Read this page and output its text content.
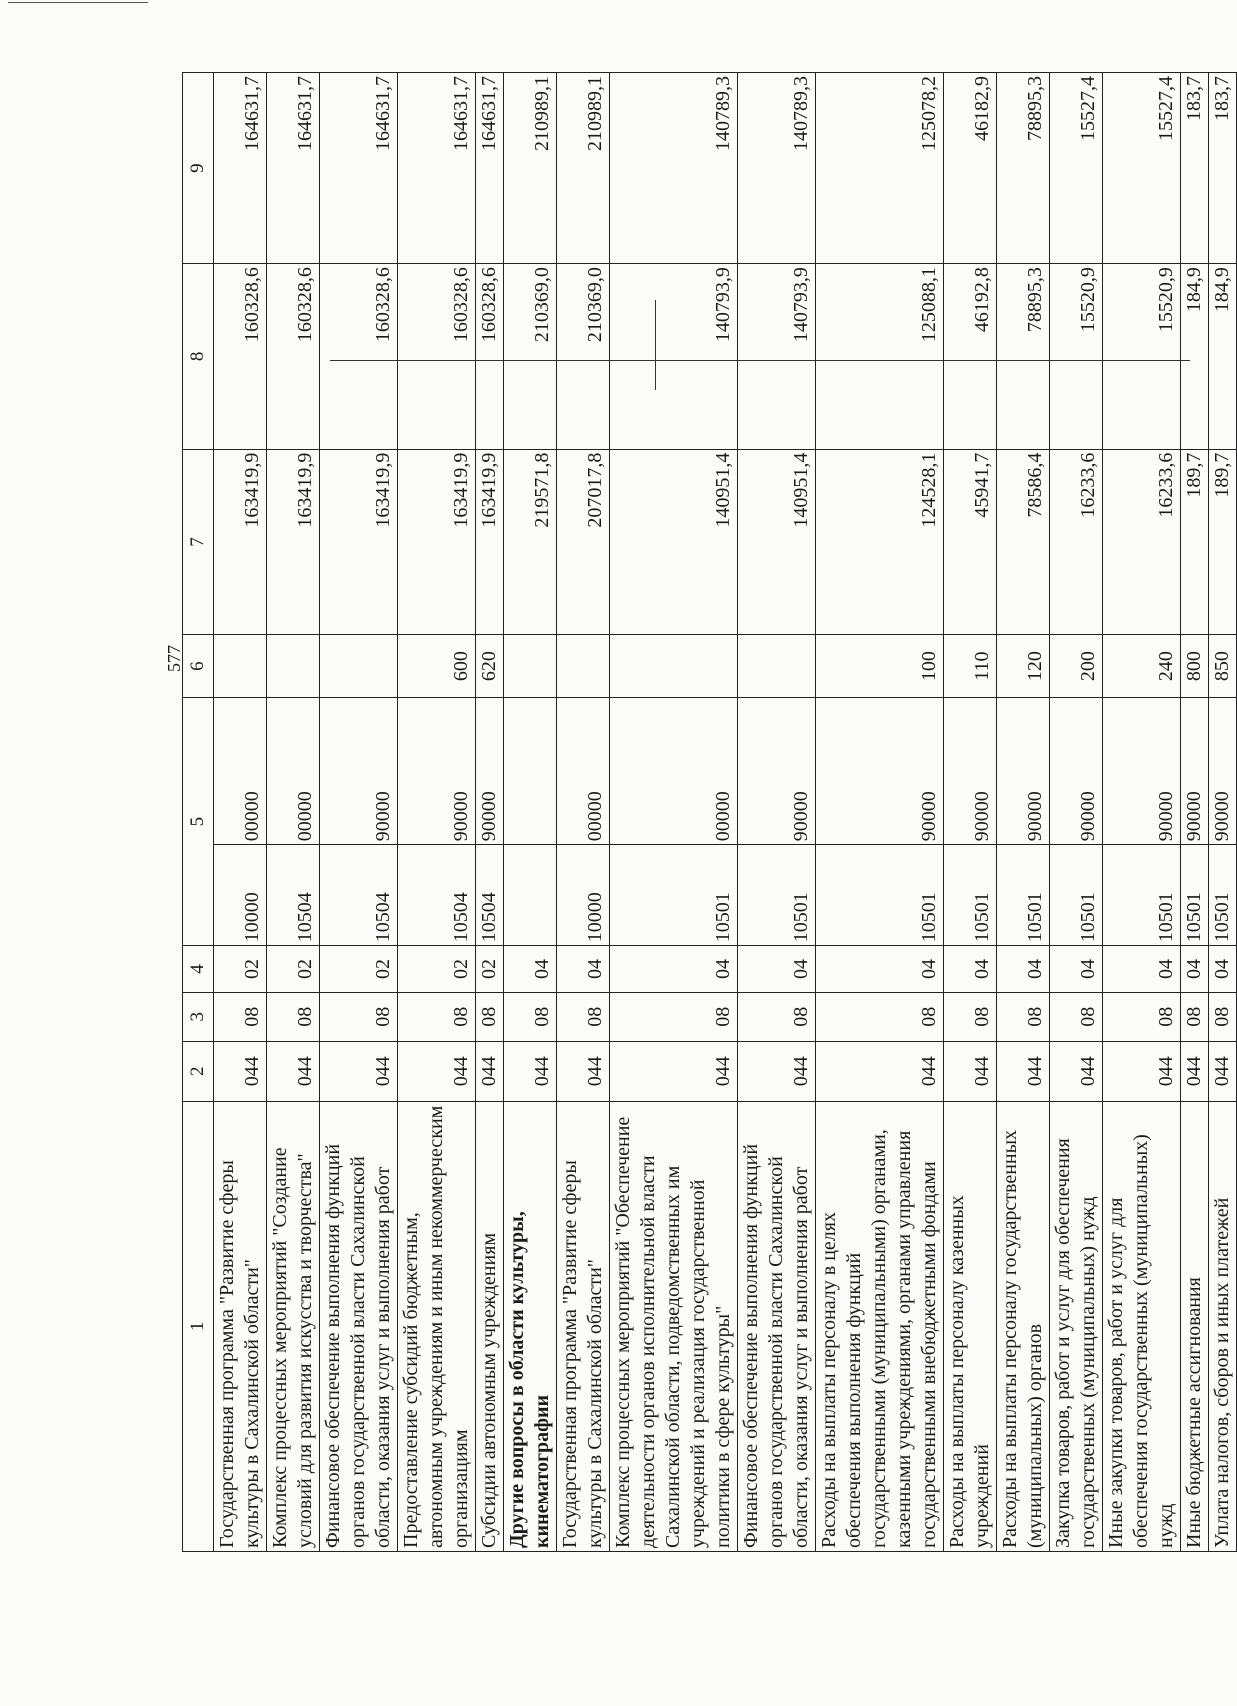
577
1	2	3	4	5		6	7	8	9
Государственная программа "Развитие сферы культуры в Сахалинской области"	044	08	02	10000	00000		163419,9	160328,6	164631,7
Комплекс процессных мероприятий "Создание условий для развития искусства и творчества"	044	08	02	10504	00000		163419,9	160328,6	164631,7
Финансовое обеспечение выполнения функций органов государственной власти Сахалинской области, оказания услуг и выполнения работ	044	08	02	10504	90000		163419,9	160328,6	164631,7
Предоставление субсидий бюджетным, автономным учреждениям и иным некоммерческим организациям	044	08	02	10504	90000	600	163419,9	160328,6	164631,7
Субсидии автономным учреждениям	044	08	02	10504	90000	620	163419,9	160328,6	164631,7
Другие вопросы в области культуры, кинематографии	044	08	04				219571,8	210369,0	210989,1
Государственная программа "Развитие сферы культуры в Сахалинской области"	044	08	04	10000	00000		207017,8	210369,0	210989,1
Комплекс процессных мероприятий "Обеспечение деятельности органов исполнительной власти Сахалинской области, подведомственных им учреждений и реализация государственной политики в сфере культуры"	044	08	04	10501	00000		140951,4	140793,9	140789,3
Финансовое обеспечение выполнения функций органов государственной власти Сахалинской области, оказания услуг и выполнения работ	044	08	04	10501	90000		140951,4	140793,9	140789,3
Расходы на выплаты персоналу в целях обеспечения выполнения функций государственными (муниципальными) органами, казенными учреждениями, органами управления государственными внебюджетными фондами	044	08	04	10501	90000	100	124528,1	125088,1	125078,2
Расходы на выплаты персоналу казенных учреждений	044	08	04	10501	90000	110	45941,7	46192,8	46182,9
Расходы на выплаты персоналу государственных (муниципальных) органов	044	08	04	10501	90000	120	78586,4	78895,3	78895,3
Закупка товаров, работ и услуг для обеспечения государственных (муниципальных) нужд	044	08	04	10501	90000	200	16233,6	15520,9	15527,4
Иные закупки товаров, работ и услуг для обеспечения государственных (муниципальных) нужд	044	08	04	10501	90000	240	16233,6	15520,9	15527,4
Иные бюджетные ассигнования	044	08	04	10501	90000	800	189,7	184,9	183,7
Уплата налогов, сборов и иных платежей	044	08	04	10501	90000	850	189,7	184,9	183,7
